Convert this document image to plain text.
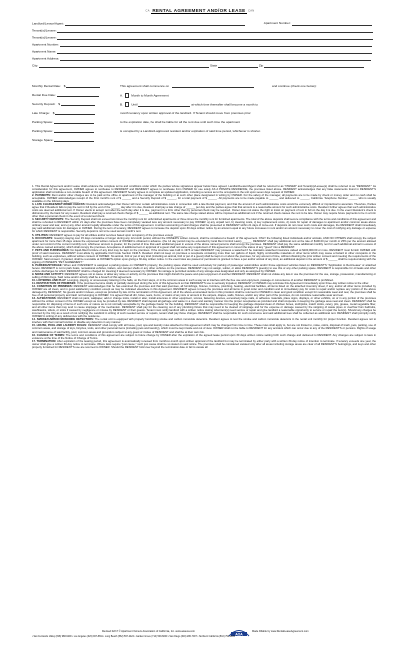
CA RENTAL AGREEMENT AND/OR LEASE CAN
Landlord/Lessor/Agent:	Apartment Number:
Tenant(s)/Lessee:
Tenant(s)/Lessee:
Apartment Number:
Apartment Name:
Apartment Address:
City:	State	Zip
Monthly Rental Rate: $	This agreement shall commence on	and continue (check one below):
Rental Due Date:	A.	Month to Month Agreement
Security Deposit: $	B.	Until	at which time thereafter shall become a month to
Late Charge: $	month tenancy upon written approval of the landlord. If Tenant should move from premises prior
Parking Space:	to the expiration date, he shall be liable for all the rent due until such time the apartment
Parking Space:	is occupied by a Landlord-approved resident and/or expiration of said time period, whichever is shorter.
Storage Space:

1. This Rental Agreement and/or Lease shall evidence the complete terms and conditions under which the parties whose signatures appear below have agreed. Landlord/Lessor/Agent shall be referred to as "OWNER" and Tenant(s)/Lessee(s) shall be referred to as "RESIDENT." As consideration for this agreement, OWNER agrees to rent/lease to RESIDENT and RESIDENT agrees to rent/lease from OWNER for use solely AS A PRIVATE RESIDENCE, the premises listed above. RESIDENT acknowledges that any false statements found in RESIDENT'S application shall constitute a non-curable breach of this agreement. RESIDENT hereby agrees to complete an updated application, including a census as to the occupants in the unit upon seven days request of OWNER.

2. PAYMENTS: Rent and/or other charges are to be paid at the office or apartment of the manager of the building or at such other place designated in writing by OWNER. For the safety of the manager, all payments are to be made by check or money order and no cash shall be acceptable. OWNER acknowledges receipt of the First month's rent of $ ______ and a Security Deposit of $ ______, for a total payment of $ ______. All payments are to be made payable to ______ and delivered to ______, California. Telephone Number ______ who is usually available on the following days ______.

3. LATE CHARGES/RETURNED CHECKS: Resident acknowledges that Owner will incur certain administrative costs in connection with a late Rental payment, and that the amount of such administrative costs would be extremely difficult or impractical to ascertain. Therefore, Parties agree that if Resident fails to pay the rent in full by the end of the ______ day after it is due, Resident shall pay a late charge of ______ per day and the parties agree that that amount is a reasonable amount for such administrative costs. Resident further agrees that such administrative costs are deemed additional rent. If Owner elects to accept rent after the tenth day after it is due, payment in a form other than by personal check may be required. Owner does not waive the right to insist on payment of rent in full on the day it is due. In the event Resident's check is dishonored by the bank for any reason, Resident shall pay a returned check charge of $ ______ as additional rent. The same late charge stated above will be imposed as additional rent if the returned check causes the rent to be late. Owner may require future payments to be in a form other than a personal check in the event of a returned check.

4. SECURITY DEPOSITS: The Security Deposit shall not exceed two times the monthly rent for unfurnished apartments or three times the monthly rent for furnished apartments. The total of the above deposits shall secure compliance with the terms and conditions of this agreement and shall be refunded to RESIDENT within 21 days after the premises have been completely vacated less any amount necessary to pay OWNER: a) any unpaid rent, b) cleaning costs, c) key replacement costs, d) costs for repair of damages to apartment and/or common areas above ordinary wear and tear, and e) any other amount legally allowable under the terms of this agreement. A written accounting of said charges shall be presented to RESIDENT within 21 days of move-out. If deposits do not cover such costs and damages, the RESIDENT shall immediately pay said additional costs for damages to OWNER. During the term of tenancy, RESIDENT agrees to increase the deposit upon 30 days written notice by an amount equal to any future increases in rent and/or an amount necessary to cover the cost of notifying any damage or expense for which RESIDENT is responsible. Security deposit is not to be used as last month's rent.

5. UTILITIES: RESIDENT agrees to pay for all utilities and/or services based upon occupancy of the premises except ______.

6. OCCUPANTS: Guest(s) staying over 15 days cumulative or longer during any 12-month period, without the OWNER'S written consent, shall be considered a breach of this agreement. ONLY the following listed individuals and/or animals, AND NO OTHERS shall occupy the subject apartment for more than 15 days unless the expressed written consent of OWNER is obtained in advance. (the 14 day period may be extended by local Rent Control Laws) ______. RESIDENT shall pay additional rent at the rate of $100.00 per month or 25% per the amount allowed under rent control of the current monthly rent, whichever amount is greater, for the period of time that each additional guest in excess of the above named persons shall occupy the premises. RESIDENT shall pay the same additional monthly rent for each additional animal in excess of the above named animal(s), which shall occupy the premises. Acceptance of additional rent or approval of a guest shall not waive any requirement of this agreement or convert the status of any "guest" into a RESIDENT.

7. PETS AND FURNISHINGS: No liquid-filled furniture of any kind may be kept on the premises. If the structure was built in 1973 or later RESIDENT may possess a waterbed if he maintains waterbed insurance valued at $100,000.00 or more. RESIDENT must furnish OWNER with proof of said insurance. RESIDENT must abide by applicable Civil Code Section 1940.5. Resident shall not keep on premises a receptacle containing more than ten gallons of liquid, highly combustible materials or other items which may cause a hazard to other occupants or the building, such as explosives, without written consent of OWNER. No animal, bird or pet of any kind (including an animal, bird or pet of a guest) shall be kept on or about the premises, for any amount of time, without obtaining the prior written consent and meeting the requirements of the OWNER. Said consent, if granted, shall be revocable at OWNER'S option upon giving a 30-day written notice. In the event laws are passed or permission is granted to have a pet and/or animal of any kind, an additional deposit in the amount of $ ______ shall be required along with the signing of OWNER'S "PET AGREEMENT."

8. PARKING/STORAGE: When and if RESIDENT is assigned a parking space on OWNER'S property, the parking space shall be used exclusively for parking of passenger automobiles and/or those approved vehicles listed on RESIDENT'S "Application to Rent/Lease" or attached hereto. RESIDENT is not to park boats, recreational vehicles, trailers, and camper shells or any other vehicles on the premises. RESIDENT may not assign, sublet, or allow RESIDENT'S guest(s) to use this or any other parking space. RESIDENT is responsible for oil leaks and other vehicle discharges for which RESIDENT shall be charged for cleaning if deemed necessary by OWNER. No storage is permitted outside of any storage area designated and only as assigned by OWNER.

9. NOISE AND ACTIVITY: RESIDENT agrees not to cause or allow any noise or activity on the premises that might disturb the peace and quiet enjoyment of another RESIDENT. RESIDENT shall not violate any law or use the premises for the use, storage, possession, manufacturing or selling of illicit drugs. Said noise and/or activity shall be a breach of this agreement.

10. LOITERING AND PLAY: Lounging, playing, or unnecessary loitering in the halls, on the front steps, or in the common areas in such a way as to interfere with the free use and enjoyment, passage or convenience of another RESIDENT is prohibited.

11. DESTRUCTION OF PREMISES: If the premises become totally or partially destroyed during the term of this Agreement so that RESIDENT'S use is seriously impaired, RESIDENT or OWNER may terminate this Agreement immediately upon three-day written notice to the other.

12. CONDITION OF PREMISES: RESIDENT acknowledges that he has examined the premises and that said premises, all furnishings, fixtures, furniture, plumbing, heating, electrical facilities, all items listed on the attached inventory sheet, if any, and/or all other items provided by OWNER are all clean, and in good satisfactory condition except as may be indicated elsewhere in this Agreement. RESIDENT agrees to keep the premises and all items in good order and condition and to immediately pay for costs to repair and/or replace any portion of the above damaged by RESIDENT, his guests and/or invitees, except as provided by law. At the termination of this Agreement, all of the above-enumerated items in this provision shall be returned to OWNER in clean and good condition except for reasonable wear and tear, the premises shall be free of all personal property and trash not belonging to OWNER. It is agreed that all dirt, holes, tears, burns, or stains of any size or amount in the carpets, drapes, walls, fixtures, and/or any other part of the premises, do not constitute reasonable wear and tear.

13. ALTERATIONS: RESIDENT shall not paint, wallpaper, add or change locks, install or alter, install antennas or other equipment, screws, fastening devices, excessively large nails, or adhesive materials, place signs, displays, or other exhibits, on or in any portion of the premises without the written consent of the OWNER except as may be provided by law. RESIDENT shall deposit all garbage and waste in a clean and sanitary manner into the proper receptacles as provided and shall cooperate in keeping the garbage area neat and clean. RESIDENT shall be responsible for disposing of items of such size or nature as is not normally acceptable by the garbage hauler for the building. RESIDENT shall be responsible for keeping the garbage disposal clean of chicken bones, toothpicks, match sticks, celery, pits, grease, metal vegetable fiber, and all other items that may tend to cause stoppage of the mechanism. RESIDENT shall pay for the cleaning out of any plumbing fixture that may need to be cleared of stoppage and for the expense or damage caused by the stopping of waste pipes or overflow from bathtubs, washbasins, toilets, or sinks if caused by negligence or misuse by RESIDENT or their guests. Tenant must notify landlord with a written notice stating what item(s) need service or repair and give landlord a reasonable opportunity to service or repair the item(s). Should any charges be incurred by the City as a result of not notifying the Landlord in writing of such needed service or repairs, tenant shall pay those charges. RESIDENT shall be responsible for such occurrence and said additional fees shall be collected as additional rent. RESIDENT shall promptly notify OWNER in writing of any deficiencies with the residence.

14. SMOKE/CARBON MONOXIDE DETECTORS: The rental unit is equipped with properly functioning smoke and carbon monoxide detectors. Resident agrees to test the smoke and carbon monoxide detectors in the rental unit monthly for proper function. Resident agrees not to interfere with their normal function or disable any detectors in any manner.

15. HOUSE, POOL AND LAUNDRY RULES: RESIDENT shall comply with all house, pool, spa and laundry rules attached to this agreement which may be changed from time to time. These rules shall apply to, but are not limited to, noise, odors, disposal of trash, pets, parking, use of common areas, and storage of toys, bicycles, tools, and other personal items (including pets and laundry), which must be kept inside and out of view. OWNER shall not be liable to RESIDENT for any accident which can occur due to any of the RESIDENT'S or persons. Rights of usage and maintenance of said facility, pool, common areas and grounds is subject to any guest or invitee of RESIDENT and shall be at their own risk.

16. CHANGE OF TERMS: The terms and conditions of this agreement are subject to future change by OWNER after the expiration of the agreed lease period upon 30 days written notice setting forth such change and delivered to RESIDENT. Any changes are subject to laws in existence at the time of the Notice of Change of Terms.

17. TERMINATION: After expiration of the leasing period, this agreement is automatically renewed from month-to-month upon written approval of the landlord but may be terminated by either party with a written 30-day notice of intention to terminate. If tenancy exceeds one year, the owner shall give a written 60-day notice to terminate. Where laws require "just cause," such just cause shall be so stated on said notice. The premises shall be considered vacated only after all areas including storage areas are clear of all RESIDENT'S belongings, and keys and other property furnished for RESIDENT'S use are returned to OWNER. Should the RESIDENT hold over beyond the termination date or fail to vacate all

Revised 02/17 © Apartment Owners Association of California, Inc. www.aoausa.com
AOA
Made Fillable by www.RentalLeaseAgreement.com
• San Fernando Valley (818) 988-9200 • Los Angeles (323) 937-8811 • Long Beach (562) 597-2422 • Garden Grove (714) 539-6000 • San Diego (619) 280-7007 • Northern California (510) 792-1122
